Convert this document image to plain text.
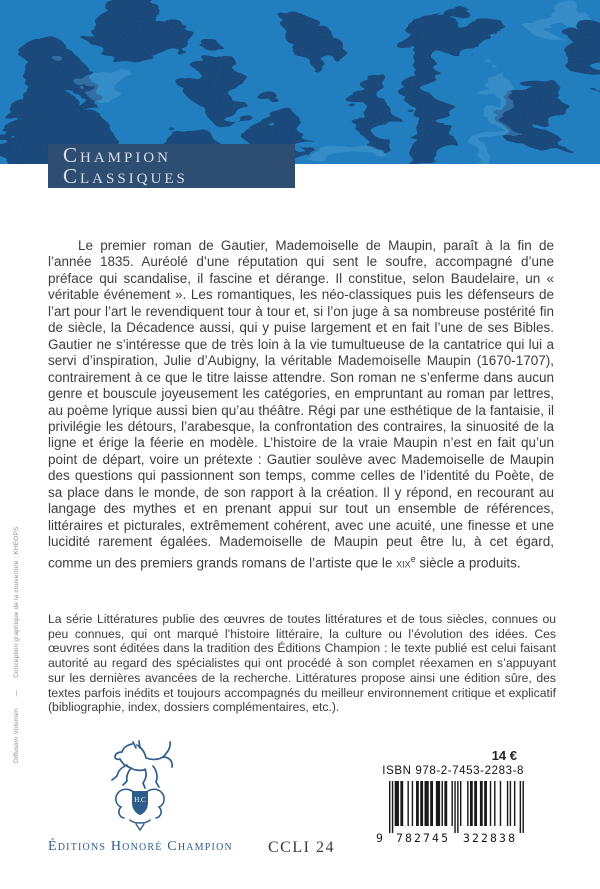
Champion Classiques

Le premier roman de Gautier, Mademoiselle de Maupin, paraît à la fin de l’année 1835. Auréolé d’une réputation qui sent le soufre, accompagné d’une préface qui scandalise, il fascine et dérange. Il constitue, selon Baudelaire, un « véritable événement ». Les romantiques, les néo-classiques puis les défenseurs de l’art pour l’art le revendiquent tour à tour et, si l’on juge à sa nombreuse postérité fin de siècle, la Décadence aussi, qui y puise largement et en fait l’une de ses Bibles. Gautier ne s’intéresse que de très loin à la vie tumultueuse de la cantatrice qui lui a servi d’inspiration, Julie d’Aubigny, la véritable Mademoiselle Maupin (1670-1707), contrairement à ce que le titre laisse attendre. Son roman ne s’enferme dans aucun genre et bouscule joyeusement les catégories, en empruntant au roman par lettres, au poème lyrique aussi bien qu’au théâtre. Régi par une esthétique de la fantaisie, il privilégie les détours, l’arabesque, la confrontation des contraires, la sinuosité de la ligne et érige la féerie en modèle. L’histoire de la vraie Maupin n’est en fait qu’un point de départ, voire un prétexte : Gautier soulève avec Mademoiselle de Maupin des questions qui passionnent son temps, comme celles de l’identité du Poète, de sa place dans le monde, de son rapport à la création. Il y répond, en recourant au langage des mythes et en prenant appui sur tout un ensemble de références, littéraires et picturales, extrêmement cohérent, avec une acuité, une finesse et une lucidité rarement égalées. Mademoiselle de Maupin peut être lu, à cet égard, comme un des premiers grands romans de l’artiste que le xix$^e$ siècle a produits.

La série Littératures publie des œuvres de toutes littératures et de tous siècles, connues ou peu connues, qui ont marqué l’histoire littéraire, la culture ou l’évolution des idées. Ces œuvres sont éditées dans la tradition des Éditions Champion : le texte publié est celui faisant autorité au regard des spécialistes qui ont procédé à son complet réexamen en s’appuyant sur les dernières avancées de la recherche. Littératures propose ainsi une édition sûre, des textes parfois inédits et toujours accompagnés du meilleur environnement critique et explicatif (bibliographie, index, dossiers complémentaires, etc.).

Diffusion Volumen      —      Conception graphique de la couverture : KHEOPS
H.C
Éditions Honoré Champion CCLI 24
14 €
ISBN 978-2-7453-2283-8
9 782745 322838
